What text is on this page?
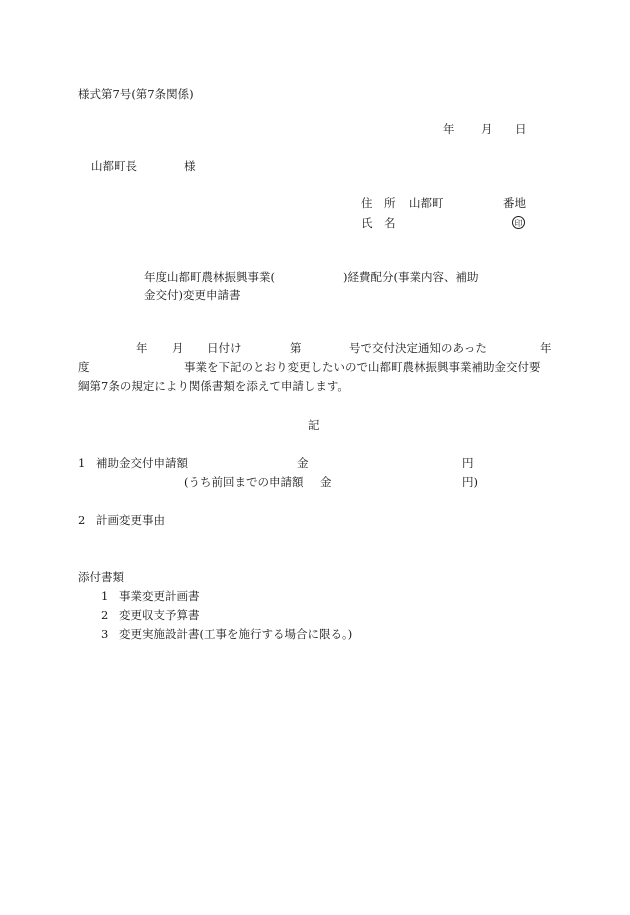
様式第7号(第7条関係)
年 月 日
山都町長	様
住　所 山都町	番地
氏　名	印
年度山都町農林振興事業(	)経費配分(事業内容、補助
金交付)変更申請書
年 月 日付け	第	号で交付決定通知のあった	年
度	事業を下記のとおり変更したいので山都町農林振興事業補助金交付要
綱第7条の規定により関係書類を添えて申請します。
記
1 補助金交付申請額	金	円
(うち前回までの申請額 金	円)
2 計画変更事由
添付書類
1 事業変更計画書
2 変更収支予算書
3 変更実施設計書(工事を施行する場合に限る。)
